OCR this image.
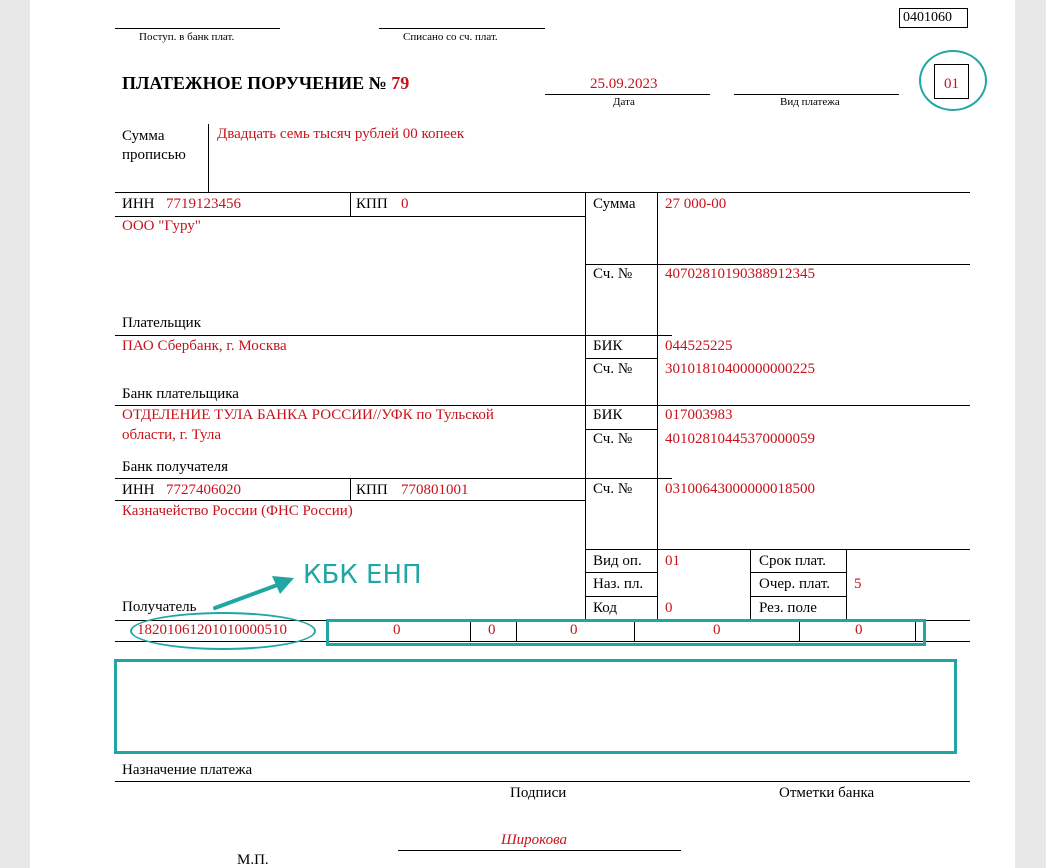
0401060
Поступ. в банк плат.	Списано со сч. плат.
ПЛАТЕЖНОЕ ПОРУЧЕНИЕ № 79	25.09.2023
Дата	Вид платежа
01
Сумма прописью
Двадцать семь тысяч рублей 00 копеек
ИНН 7719123456	КПП 0
ООО "Гуру"
Плательщик
Сумма 27 000-00
Сч. № 40702810190388912345
ПАО Сбербанк, г. Москва
Банк плательщика
БИК	044525225
Сч. № 30101810400000000225
ОТДЕЛЕНИЕ ТУЛА БАНКА РОССИИ//УФК по Тульской
области, г. Тула
Банк получателя
БИК	017003983
Сч. № 40102810445370000059
ИНН 7727406020	КПП 770801001
Казначейство России (ФНС России)
Сч. № 03100643000000018500
Получатель
Вид оп. 01
Наз. пл.
Код	0
Срок плат.
Очер. плат. 5
Рез. поле
18201061201010000510	0	0	0	0	0
КБК ЕНП
Назначение платежа
Подписи	Отметки банка
Широкова
М.П.
